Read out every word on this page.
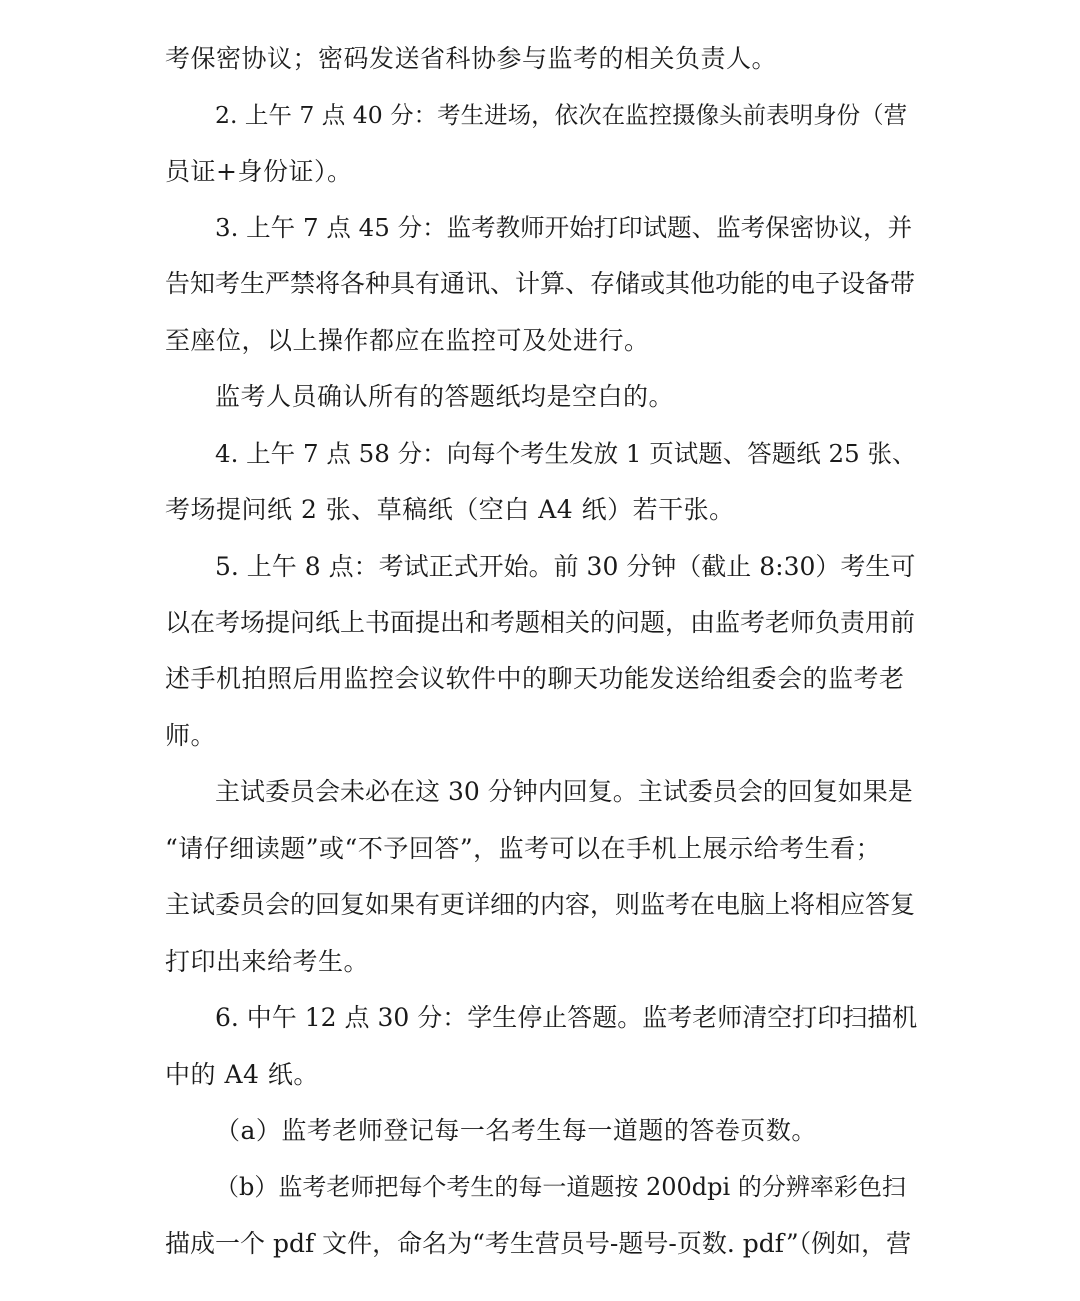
考保密协议；密码发送省科协参与监考的相关负责人。
2. 上午 7 点 40 分：考生进场，依次在监控摄像头前表明身份（营
员证+身份证）。
3. 上午 7 点 45 分：监考教师开始打印试题、监考保密协议，并
告知考生严禁将各种具有通讯、计算、存储或其他功能的电子设备带
至座位，以上操作都应在监控可及处进行。
监考人员确认所有的答题纸均是空白的。
4. 上午 7 点 58 分：向每个考生发放 1 页试题、答题纸 25 张、
考场提问纸 2 张、草稿纸（空白 A4 纸）若干张。
5. 上午 8 点：考试正式开始。前 30 分钟（截止 8:30）考生可
以在考场提问纸上书面提出和考题相关的问题，由监考老师负责用前
述手机拍照后用监控会议软件中的聊天功能发送给组委会的监考老
师。
主试委员会未必在这 30 分钟内回复。主试委员会的回复如果是
“请仔细读题”或“不予回答”，监考可以在手机上展示给考生看；
主试委员会的回复如果有更详细的内容，则监考在电脑上将相应答复
打印出来给考生。
6. 中午 12 点 30 分：学生停止答题。监考老师清空打印扫描机
中的 A4 纸。
（a）监考老师登记每一名考生每一道题的答卷页数。
（b）监考老师把每个考生的每一道题按 200dpi 的分辨率彩色扫
描成一个 pdf 文件，命名为“考生营员号-题号-页数. pdf”（例如，营
